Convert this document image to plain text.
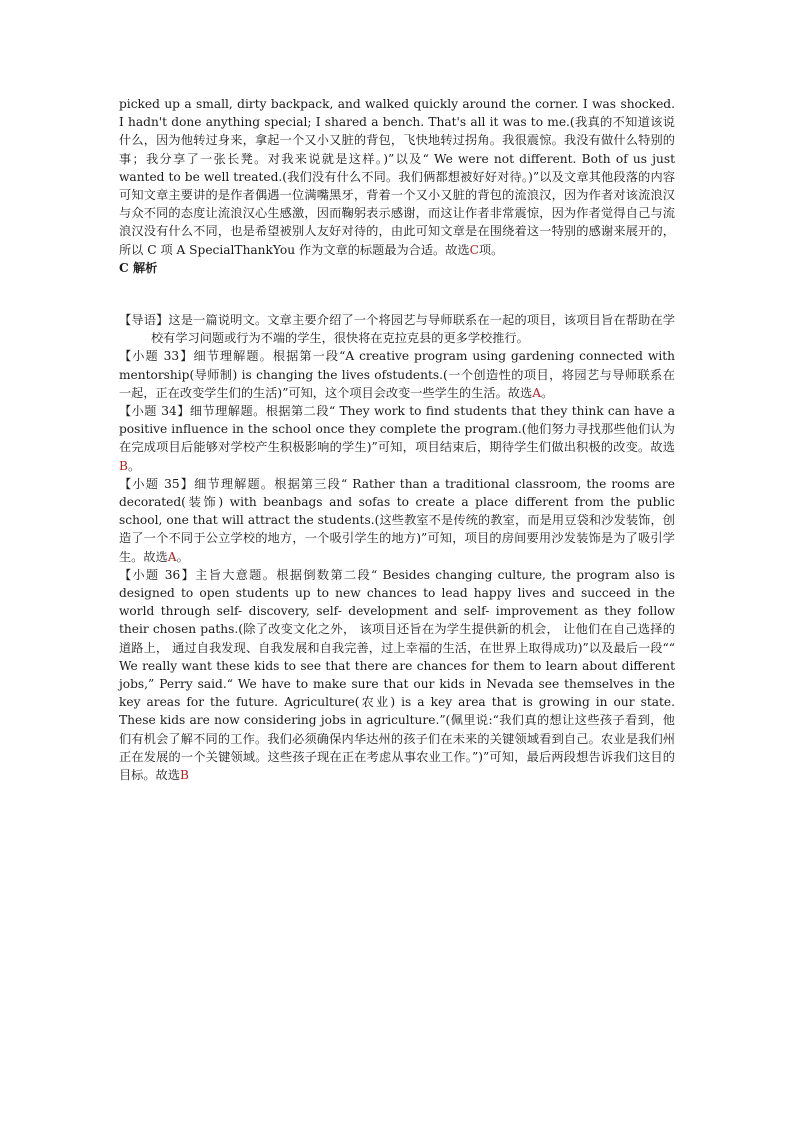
picked up a small, dirty backpack, and walked quickly around the corner. I was shocked. I hadn't done anything special; I shared a bench. That's all it was to me.(我真的不知道该说什么，因为他转过身来，拿起一个又小又脏的背包，飞快地转过拐角。我很震惊。我没有做什么特别的事；我分享了一张长凳。对我来说就是这样。)”以及“ We were not different. Both of us just wanted to be well treated.(我们没有什么不同。我们俩都想被好好对待。)”以及文章其他段落的内容可知文章主要讲的是作者偶遇一位满嘴黑牙，背着一个又小又脏的背包的流浪汉，因为作者对该流浪汉与众不同的态度让流浪汉心生感激，因而鞠躬表示感谢，而这让作者非常震惊，因为作者觉得自己与流浪汉没有什么不同，也是希望被别人友好对待的，由此可知文章是在围绕着这一特别的感谢来展开的，所以 C 项 A SpecialThankYou 作为文章的标题最为合适。故选C项。

C 解析

【导语】这是一篇说明文。文章主要介绍了一个将园艺与导师联系在一起的项目，该项目旨在帮助在学校有学习问题或行为不端的学生，很快将在克拉克县的更多学校推行。

【小题 33】细节理解题。根据第一段“A creative program using gardening connected with mentorship(导师制) is changing the lives ofstudents.(一个创造性的项目，将园艺与导师联系在一起，正在改变学生们的生活)”可知，这个项目会改变一些学生的生活。故选A。

【小题 34】细节理解题。根据第二段“ They work to find students that they think can have a positive influence in the school once they complete the program.(他们努力寻找那些他们认为在完成项目后能够对学校产生积极影响的学生)”可知，项目结束后，期待学生们做出积极的改变。故选B。

【小题 35】细节理解题。根据第三段“ Rather than a traditional classroom, the rooms are decorated(装饰) with beanbags and sofas to create a place different from the public school, one that will attract the students.(这些教室不是传统的教室，而是用豆袋和沙发装饰，创造了一个不同于公立学校的地方，一个吸引学生的地方)”可知，项目的房间要用沙发装饰是为了吸引学生。故选A。

【小题 36】主旨大意题。根据倒数第二段“ Besides changing culture, the program also is designed to open students up to new chances to lead happy lives and succeed in the world through self- discovery, self- development and self- improvement as they follow their chosen paths.(除了改变文化之外， 该项目还旨在为学生提供新的机会， 让他们在自己选择的道路上， 通过自我发现、自我发展和自我完善，过上幸福的生活，在世界上取得成功)”以及最后一段““ We really want these kids to see that there are chances for them to learn about different jobs,” Perry said.“ We have to make sure that our kids in Nevada see themselves in the key areas for the future. Agriculture(农业) is a key area that is growing in our state. These kids are now considering jobs in agriculture.”(佩里说:“我们真的想让这些孩子看到，他们有机会了解不同的工作。我们必须确保内华达州的孩子们在未来的关键领域看到自己。农业是我们州正在发展的一个关键领域。这些孩子现在正在考虑从事农业工作。”)”可知，最后两段想告诉我们这目的目标。故选B
